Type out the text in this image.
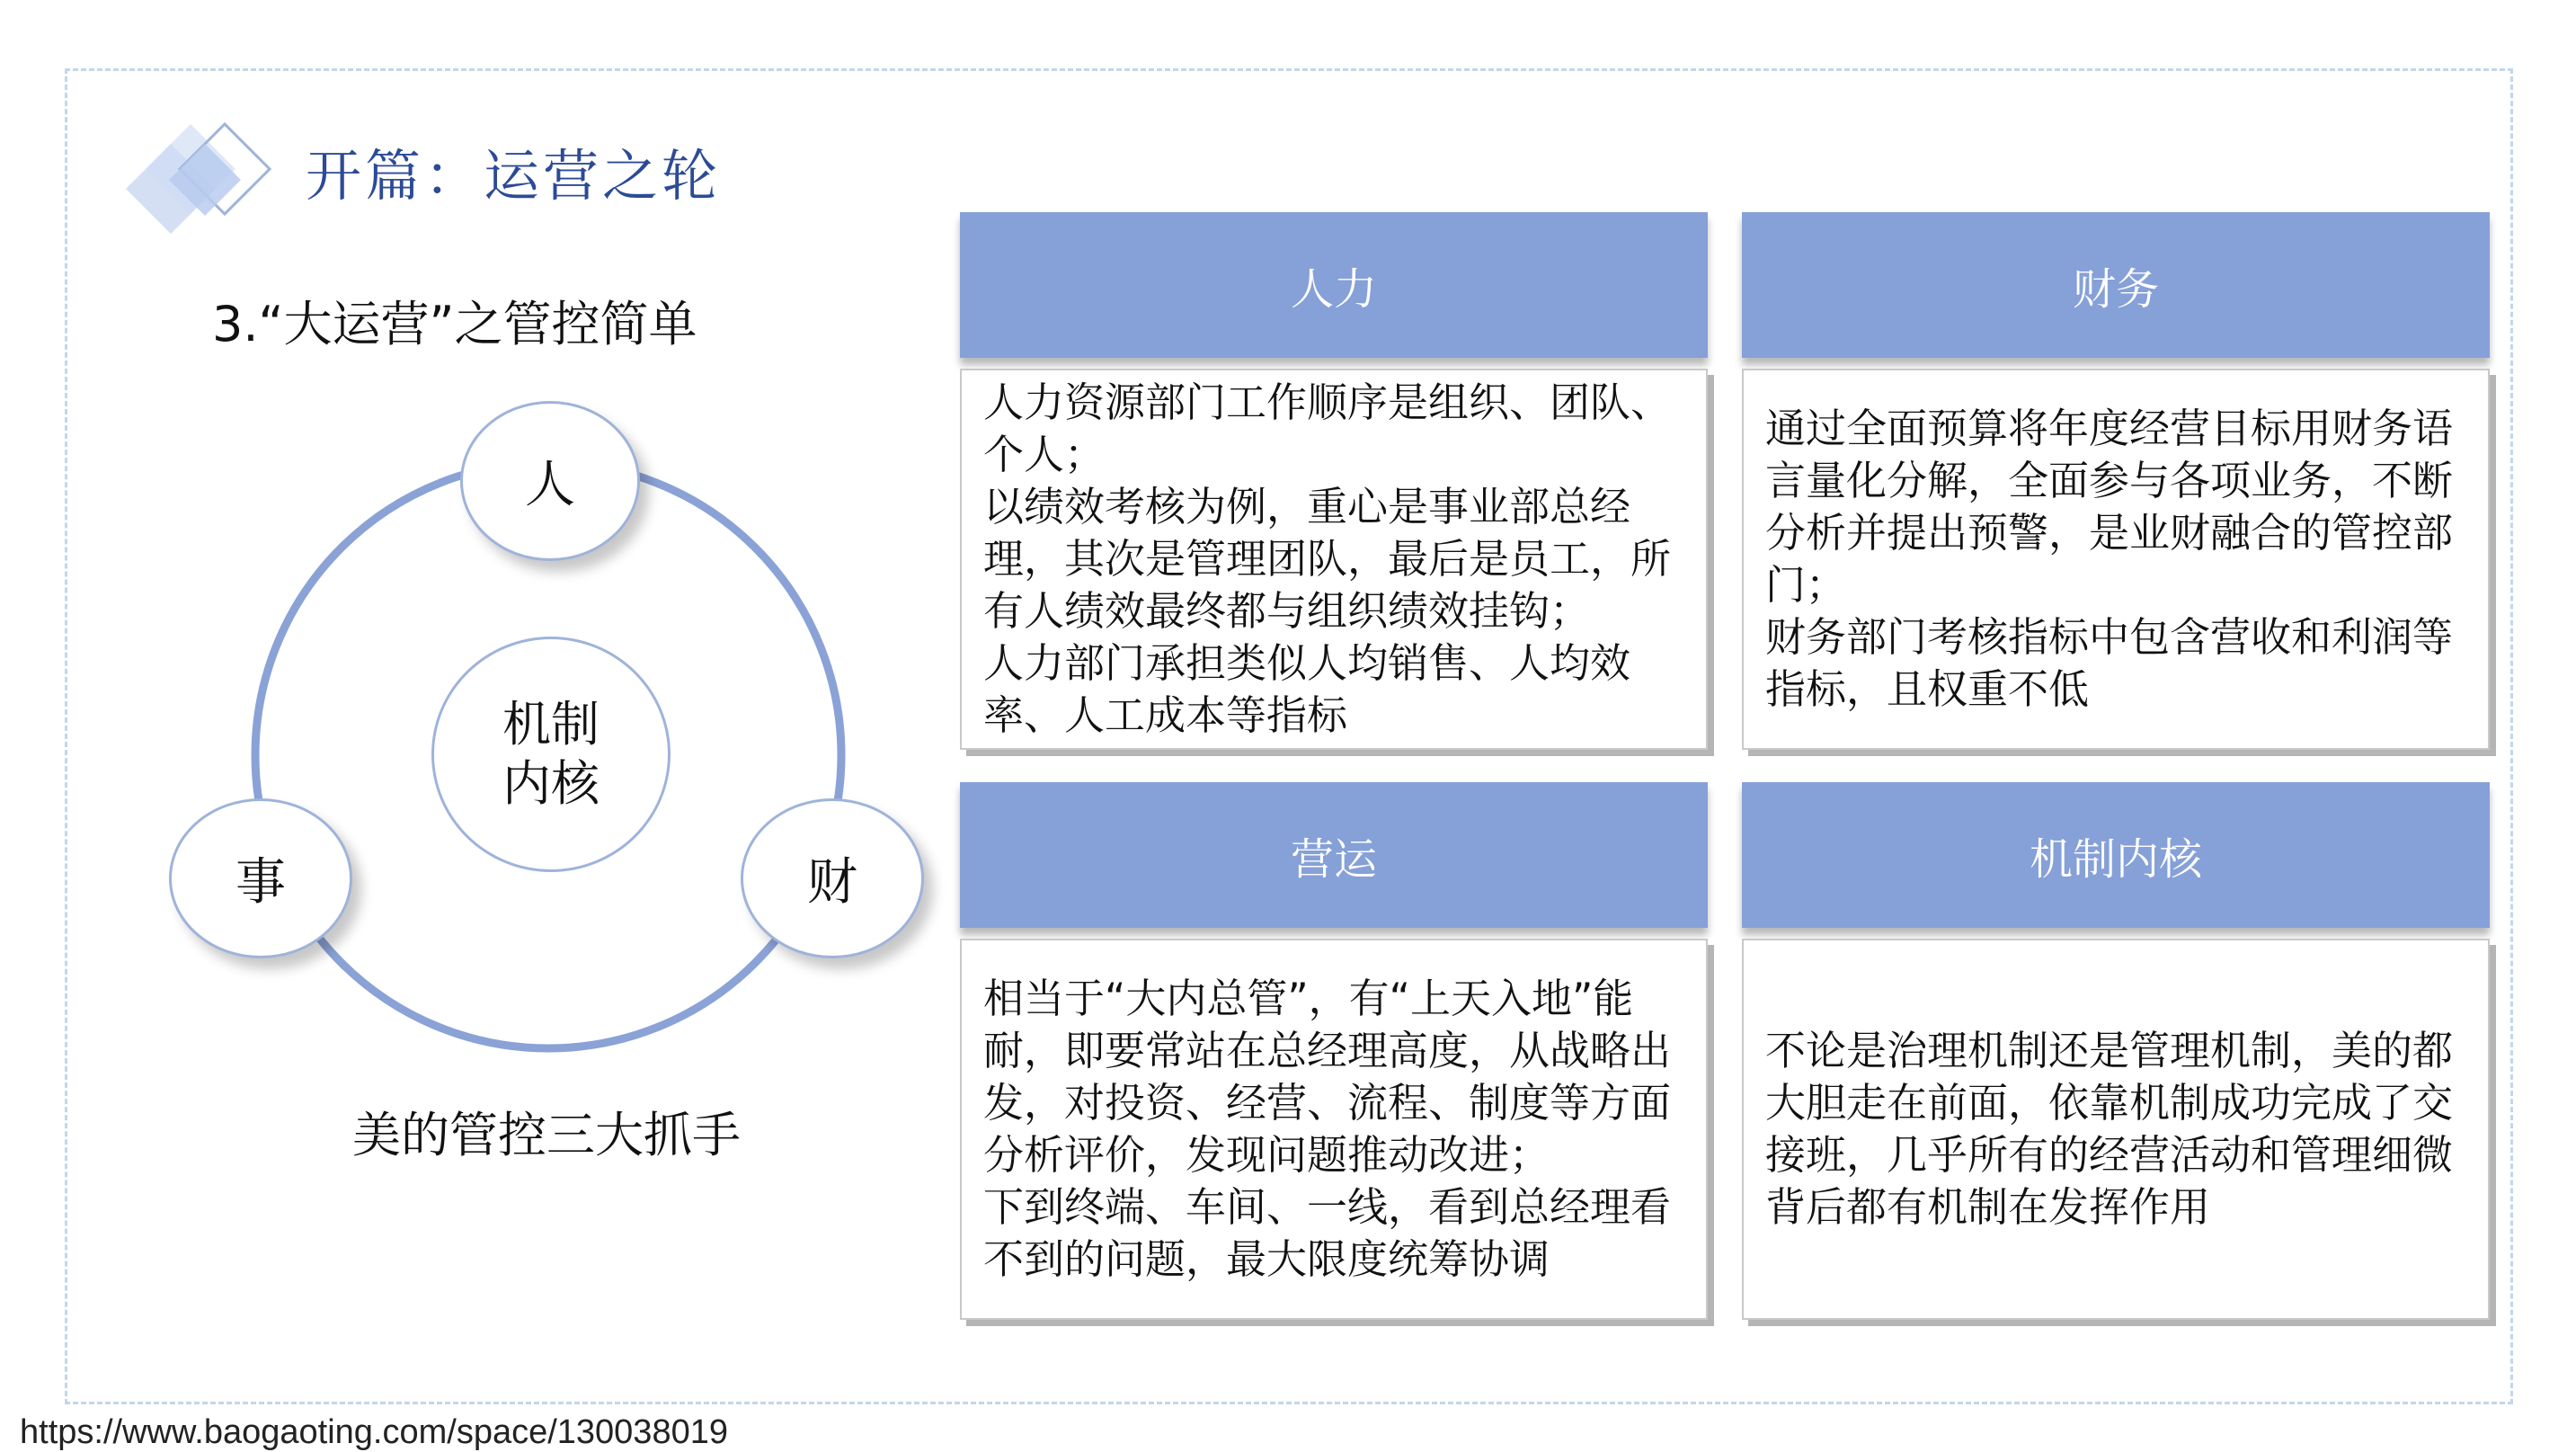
开篇：运营之轮
3.“大运营”之管控简单
机制
内核
人
事	财
美的管控三大抓手
人力
人力资源部门工作顺序是组织、团队、个人；
以绩效考核为例，重心是事业部总经理，其次是管理团队，最后是员工，所有人绩效最终都与组织绩效挂钩；
人力部门承担类似人均销售、人均效率、人工成本等指标
财务
通过全面预算将年度经营目标用财务语言量化分解，全面参与各项业务，不断分析并提出预警，是业财融合的管控部门；
财务部门考核指标中包含营收和利润等指标，且权重不低
营运
相当于“大内总管”，有“上天入地”能耐，即要常站在总经理高度，从战略出发，对投资、经营、流程、制度等方面分析评价，发现问题推动改进；
下到终端、车间、一线，看到总经理看不到的问题，最大限度统筹协调
机制内核
不论是治理机制还是管理机制，美的都大胆走在前面，依靠机制成功完成了交接班，几乎所有的经营活动和管理细微背后都有机制在发挥作用
https://www.baogaoting.com/space/130038019
